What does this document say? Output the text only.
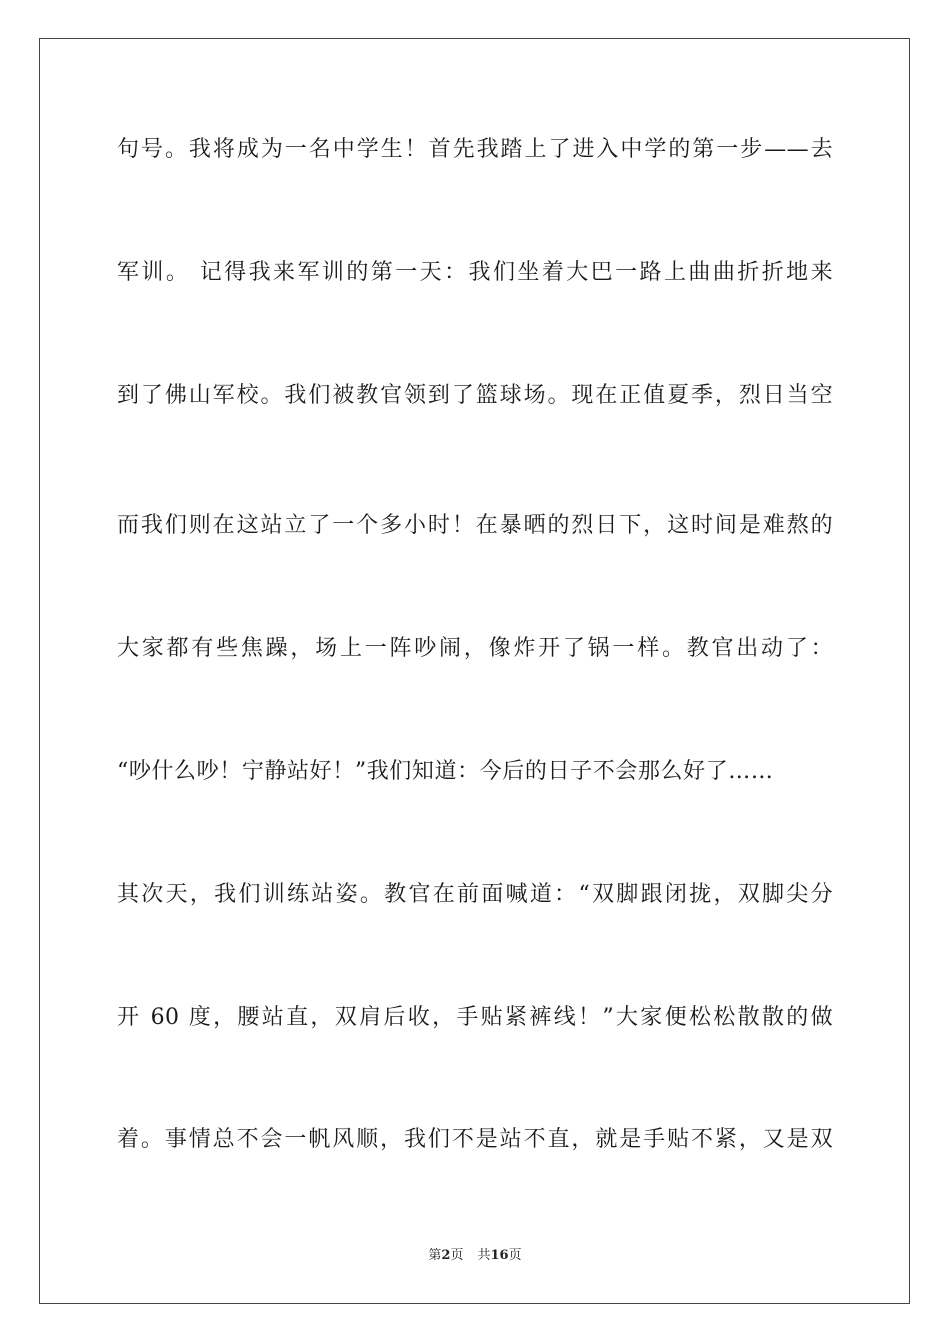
句号。我将成为一名中学生！首先我踏上了进入中学的第一步——去
军训。 记得我来军训的第一天：我们坐着大巴一路上曲曲折折地来
到了佛山军校。我们被教官领到了篮球场。现在正值夏季，烈日当空
而我们则在这站立了一个多小时！在暴晒的烈日下，这时间是难熬的
大家都有些焦躁，场上一阵吵闹，像炸开了锅一样。教官出动了：
“吵什么吵！宁静站好！”我们知道：今后的日子不会那么好了……
其次天，我们训练站姿。教官在前面喊道：“双脚跟闭拢，双脚尖分
开 60 度，腰站直，双肩后收，手贴紧裤线！”大家便松松散散的做
着。事情总不会一帆风顺，我们不是站不直，就是手贴不紧，又是双
第2页 共16页
